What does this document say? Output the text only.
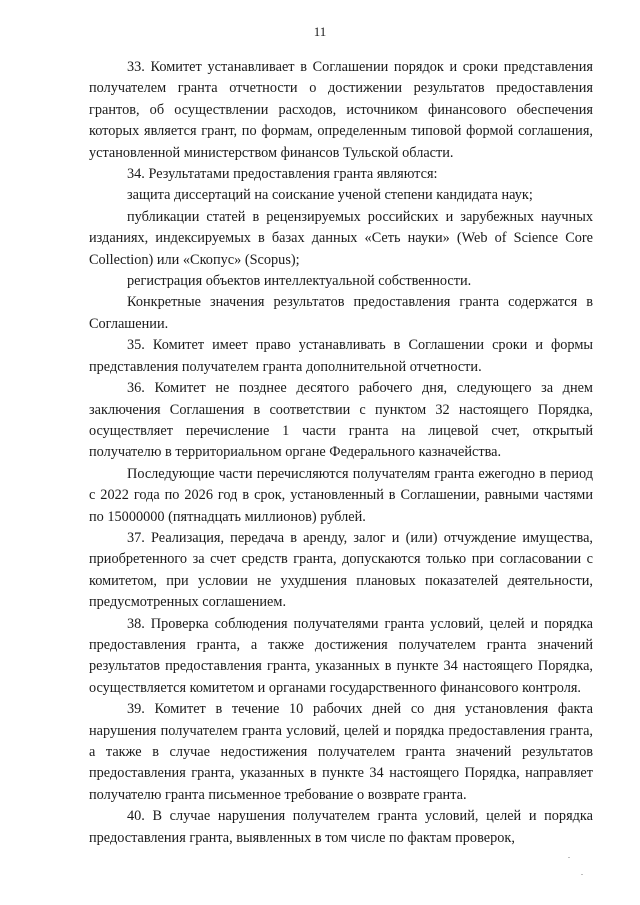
11

33. Комитет устанавливает в Соглашении порядок и сроки представления получателем гранта отчетности о достижении результатов предоставления грантов, об осуществлении расходов, источником финансового обеспечения которых является грант, по формам, определенным типовой формой соглашения, установленной министерством финансов Тульской области.

34. Результатами предоставления гранта являются:

защита диссертаций на соискание ученой степени кандидата наук;

публикации статей в рецензируемых российских и зарубежных научных изданиях, индексируемых в базах данных «Сеть науки» (Web of Science Core Collection) или «Скопус» (Scopus);

регистрация объектов интеллектуальной собственности.

Конкретные значения результатов предоставления гранта содержатся в Соглашении.

35. Комитет имеет право устанавливать в Соглашении сроки и формы представления получателем гранта дополнительной отчетности.

36. Комитет не позднее десятого рабочего дня, следующего за днем заключения Соглашения в соответствии с пунктом 32 настоящего Порядка, осуществляет перечисление 1 части гранта на лицевой счет, открытый получателю в территориальном органе Федерального казначейства.

Последующие части перечисляются получателям гранта ежегодно в период с 2022 года по 2026 год в срок, установленный в Соглашении, равными частями по 15000000 (пятнадцать миллионов) рублей.

37. Реализация, передача в аренду, залог и (или) отчуждение имущества, приобретенного за счет средств гранта, допускаются только при согласовании с комитетом, при условии не ухудшения плановых показателей деятельности, предусмотренных соглашением.

38. Проверка соблюдения получателями гранта условий, целей и порядка предоставления гранта, а также достижения получателем гранта значений результатов предоставления гранта, указанных в пункте 34 настоящего Порядка, осуществляется комитетом и органами государственного финансового контроля.

39. Комитет в течение 10 рабочих дней со дня установления факта нарушения получателем гранта условий, целей и порядка предоставления гранта, а также в случае недостижения получателем гранта значений результатов предоставления гранта, указанных в пункте 34 настоящего Порядка, направляет получателю гранта письменное требование о возврате гранта.

40. В случае нарушения получателем гранта условий, целей и порядка предоставления гранта, выявленных в том числе по фактам проверок,
